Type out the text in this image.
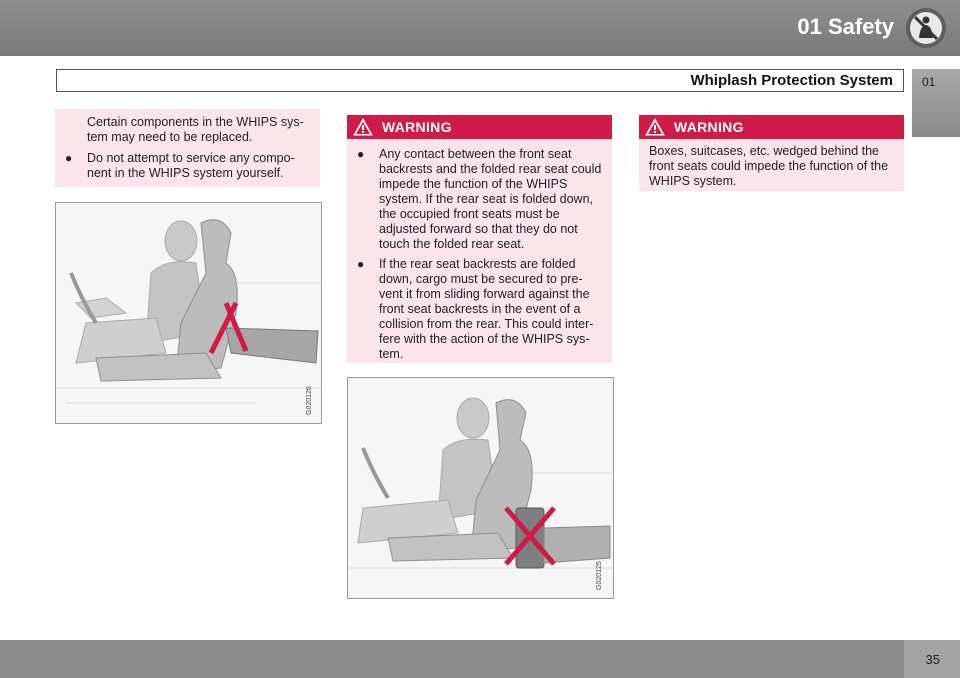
01 Safety
Whiplash Protection System 01
Certain components in the WHIPS sys-tem may need to be replaced.
● Do not attempt to service any compo-nent in the WHIPS system yourself.
G020126
WARNING
● Any contact between the front seat backrests and the folded rear seat could impede the function of the WHIPS system. If the rear seat is folded down, the occupied front seats must be adjusted forward so that they do not touch the folded rear seat.
● If the rear seat backrests are folded down, cargo must be secured to pre-vent it from sliding forward against the front seat backrests in the event of a collision from the rear. This could inter-fere with the action of the WHIPS sys-tem.
G020125
WARNING
Boxes, suitcases, etc. wedged behind the front seats could impede the function of the WHIPS system.
35
